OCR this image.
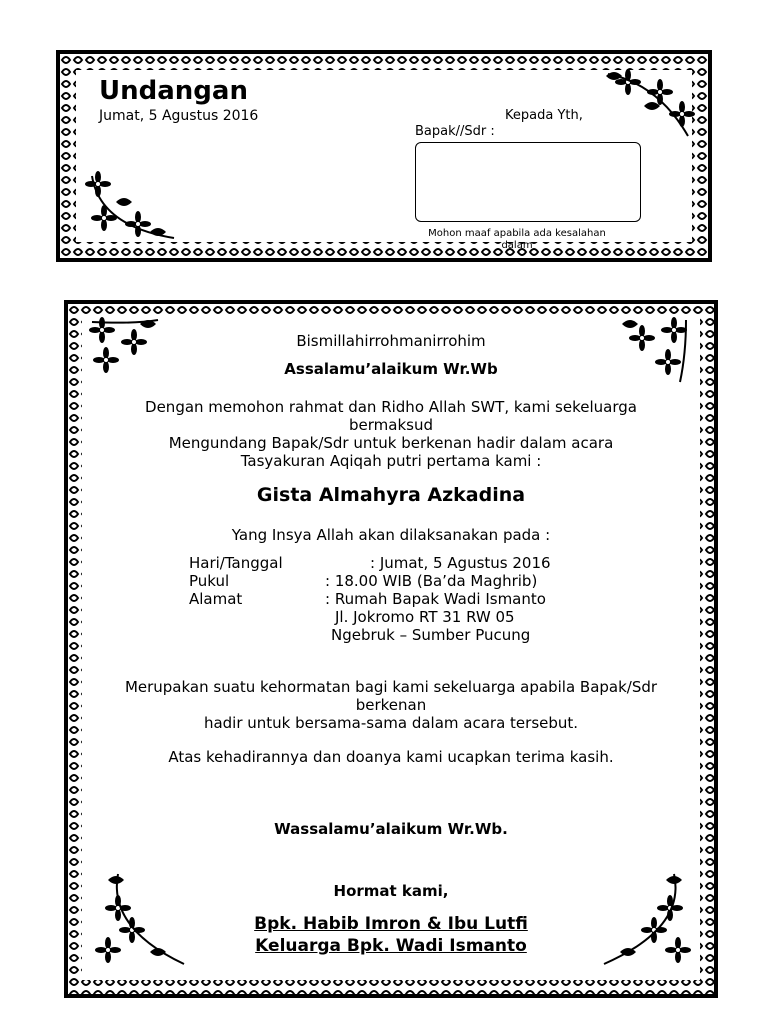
Undangan
Jumat, 5 Agustus 2016	Kepada Yth,
Bapak//Sdr :
Mohon maaf apabila ada kesalahan
dalam
Bismillahirrohmanirrohim
Assalamu’alaikum Wr.Wb
Dengan memohon rahmat dan Ridho Allah SWT, kami sekeluarga
bermaksud
Mengundang Bapak/Sdr untuk berkenan hadir dalam acara
Tasyakuran Aqiqah putri pertama kami :
Gista Almahyra Azkadina
Yang Insya Allah akan dilaksanakan pada :
Hari/Tanggal	: Jumat, 5 Agustus 2016
Pukul	: 18.00 WIB (Ba’da Maghrib)
Alamat	: Rumah Bapak Wadi Ismanto
Jl. Jokromo RT 31 RW 05
Ngebruk – Sumber Pucung
Merupakan suatu kehormatan bagi kami sekeluarga apabila Bapak/Sdr
berkenan
hadir untuk bersama-sama dalam acara tersebut.
Atas kehadirannya dan doanya kami ucapkan terima kasih.
Wassalamu’alaikum Wr.Wb.
Hormat kami,
Bpk. Habib Imron & Ibu Lutfi
Keluarga Bpk. Wadi Ismanto
